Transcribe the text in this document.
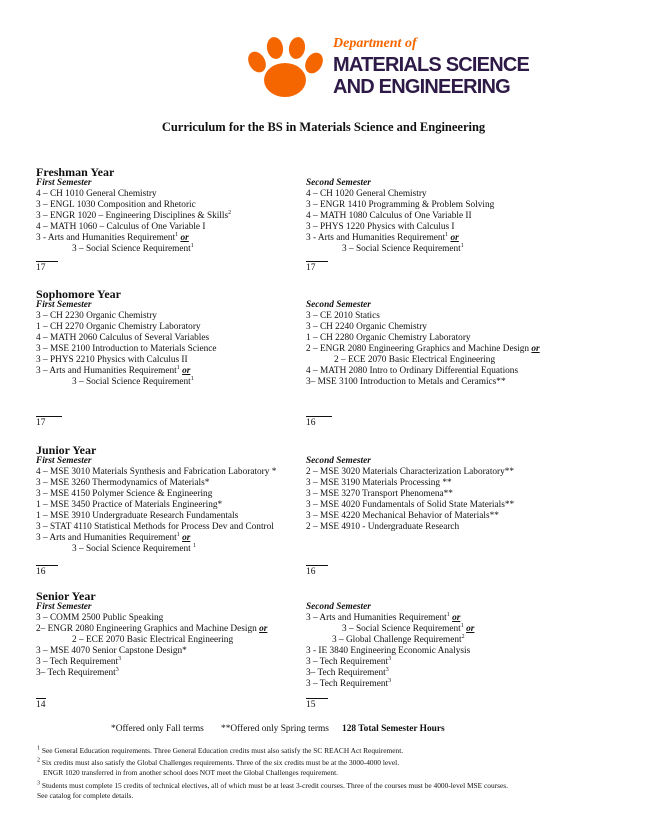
Department of
MATERIALS SCIENCE
AND ENGINEERING
Curriculum for the BS in Materials Science and Engineering
Freshman Year
First Semester
4 – CH 1010 General Chemistry
3 – ENGL 1030 Composition and Rhetoric
3 – ENGR 1020 – Engineering Disciplines & Skills$^2$
4 – MATH 1060 – Calculus of One Variable I
3 - Arts and Humanities Requirement$^1$ or
3 – Social Science Requirement$^1$
17
Second Semester
4 – CH 1020 General Chemistry
3 – ENGR 1410 Programming & Problem Solving
4 – MATH 1080 Calculus of One Variable II
3 – PHYS 1220 Physics with Calculus I
3 - Arts and Humanities Requirement$^1$ or
3 – Social Science Requirement$^1$
17
Sophomore Year
First Semester
3 – CH 2230 Organic Chemistry
1 – CH 2270 Organic Chemistry Laboratory
4 – MATH 2060 Calculus of Several Variables
3 – MSE 2100 Introduction to Materials Science
3 – PHYS 2210 Physics with Calculus II
3 – Arts and Humanities Requirement$^1$ or
3 – Social Science Requirement$^1$
17
Second Semester
3 – CE 2010 Statics
3 – CH 2240 Organic Chemistry
1 – CH 2280 Organic Chemistry Laboratory
2 – ENGR 2080 Engineering Graphics and Machine Design or
2 – ECE 2070 Basic Electrical Engineering
4 – MATH 2080 Intro to Ordinary Differential Equations
3– MSE 3100 Introduction to Metals and Ceramics**
16
Junior Year
First Semester
4 – MSE 3010 Materials Synthesis and Fabrication Laboratory *
3 – MSE 3260 Thermodynamics of Materials*
3 – MSE 4150 Polymer Science & Engineering
1 – MSE 3450 Practice of Materials Engineering*
1 – MSE 3910 Undergraduate Research Fundamentals
3 – STAT 4110 Statistical Methods for Process Dev and Control
3 – Arts and Humanities Requirement$^1$ or
3 – Social Science Requirement $^1$
16
Second Semester
2 – MSE 3020 Materials Characterization Laboratory**
3 – MSE 3190 Materials Processing **
3 – MSE 3270 Transport Phenomena**
3 – MSE 4020 Fundamentals of Solid State Materials**
3 – MSE 4220 Mechanical Behavior of Materials**
2 – MSE 4910 - Undergraduate Research
16
Senior Year
First Semester
3 – COMM 2500 Public Speaking
2– ENGR 2080 Engineering Graphics and Machine Design or
2 – ECE 2070 Basic Electrical Engineering
3 – MSE 4070 Senior Capstone Design*
3 – Tech Requirement$^3$
3– Tech Requirement$^3$
14
Second Semester
3 – Arts and Humanities Requirement$^1$ or
3 – Social Science Requirement$^1$ or
3 – Global Challenge Requirement$^2$
3 - IE 3840 Engineering Economic Analysis
3 – Tech Requirement$^3$
3– Tech Requirement$^3$
3 – Tech Requirement$^3$
15
*Offered only Fall terms **Offered only Spring terms 128 Total Semester Hours
$^1$ See General Education requirements. Three General Education credits must also satisfy the SC REACH Act Requirement.
$^2$ Six credits must also satisfy the Global Challenges requirements. Three of the six credits must be at the 3000-4000 level.
ENGR 1020 transferred in from another school does NOT meet the Global Challenges requirement.
$^3$ Students must complete 15 credits of technical electives, all of which must be at least 3-credit courses. Three of the courses must be 4000-level MSE courses.
See catalog for complete details.
